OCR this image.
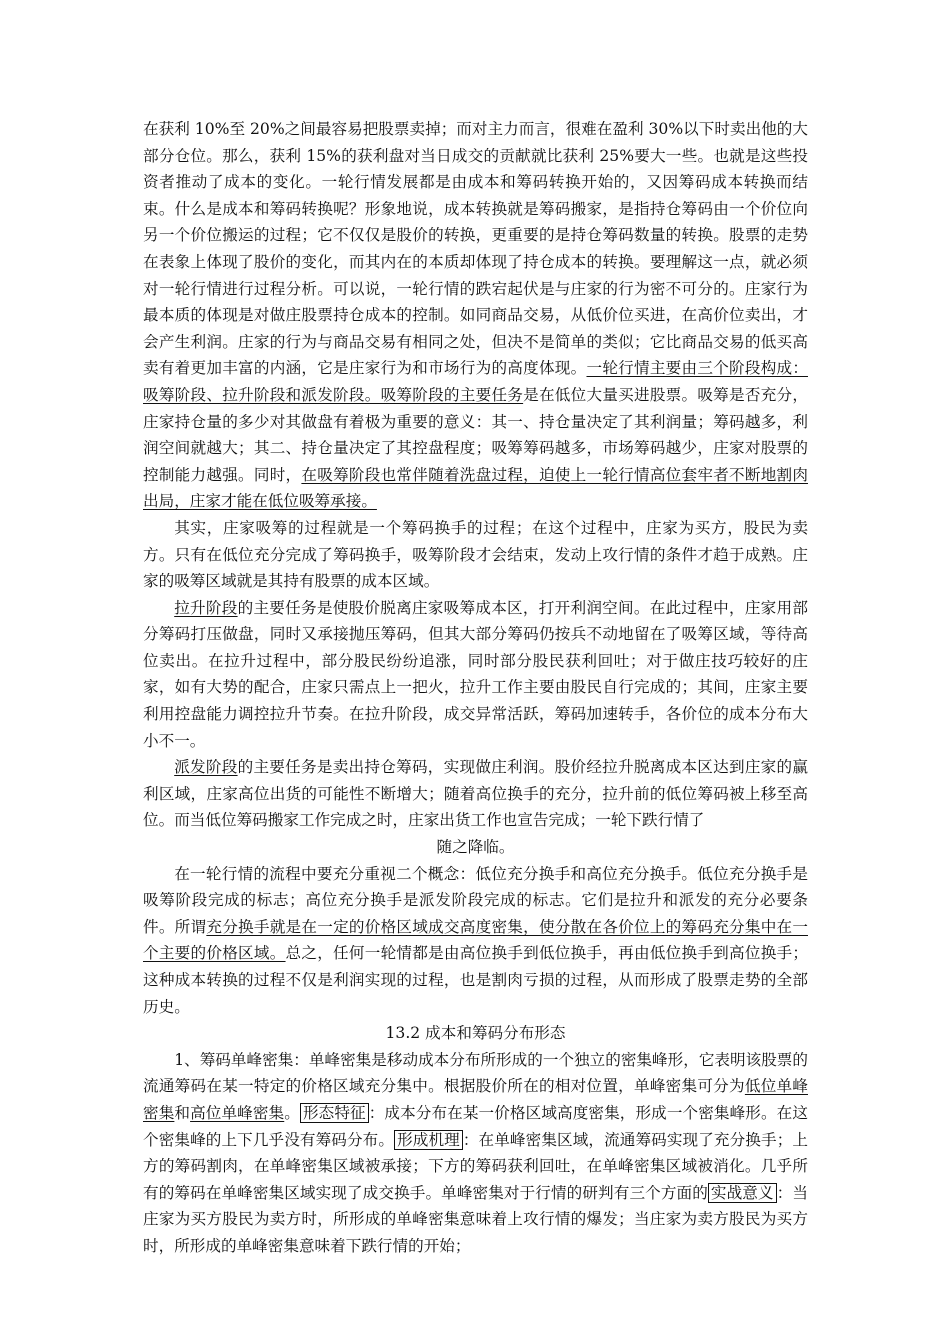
在获利 10%至 20%之间最容易把股票卖掉；而对主力而言，很难在盈利 30%以下时卖出他的大部分仓位。那么，获利 15%的获利盘对当日成交的贡献就比获利 25%要大一些。也就是这些投资者推动了成本的变化。一轮行情发展都是由成本和筹码转换开始的，又因筹码成本转换而结束。什么是成本和筹码转换呢？形象地说，成本转换就是筹码搬家，是指持仓筹码由一个价位向另一个价位搬运的过程；它不仅仅是股价的转换，更重要的是持仓筹码数量的转换。股票的走势在表象上体现了股价的变化，而其内在的本质却体现了持仓成本的转换。要理解这一点，就必须对一轮行情进行过程分析。可以说，一轮行情的跌宕起伏是与庄家的行为密不可分的。庄家行为最本质的体现是对做庄股票持仓成本的控制。如同商品交易，从低价位买进，在高价位卖出，才会产生利润。庄家的行为与商品交易有相同之处，但决不是简单的类似；它比商品交易的低买高卖有着更加丰富的内涵，它是庄家行为和市场行为的高度体现。一轮行情主要由三个阶段构成：吸筹阶段、拉升阶段和派发阶段。吸筹阶段的主要任务是在低位大量买进股票。吸筹是否充分，庄家持仓量的多少对其做盘有着极为重要的意义：其一、持仓量决定了其利润量；筹码越多，利润空间就越大；其二、持仓量决定了其控盘程度；吸筹筹码越多，市场筹码越少，庄家对股票的控制能力越强。同时，在吸筹阶段也常伴随着洗盘过程，迫使上一轮行情高位套牢者不断地割肉出局，庄家才能在低位吸筹承接。

其实，庄家吸筹的过程就是一个筹码换手的过程；在这个过程中，庄家为买方，股民为卖方。只有在低位充分完成了筹码换手，吸筹阶段才会结束，发动上攻行情的条件才趋于成熟。庄家的吸筹区域就是其持有股票的成本区域。

拉升阶段的主要任务是使股价脱离庄家吸筹成本区，打开利润空间。在此过程中，庄家用部分筹码打压做盘，同时又承接抛压筹码，但其大部分筹码仍按兵不动地留在了吸筹区域，等待高位卖出。在拉升过程中，部分股民纷纷追涨，同时部分股民获利回吐；对于做庄技巧较好的庄家，如有大势的配合，庄家只需点上一把火，拉升工作主要由股民自行完成的；其间，庄家主要利用控盘能力调控拉升节奏。在拉升阶段，成交异常活跃，筹码加速转手，各价位的成本分布大小不一。

派发阶段的主要任务是卖出持仓筹码，实现做庄利润。股价经拉升脱离成本区达到庄家的赢利区域，庄家高位出货的可能性不断增大；随着高位换手的充分，拉升前的低位筹码被上移至高位。而当低位筹码搬家工作完成之时，庄家出货工作也宣告完成；一轮下跌行情了

随之降临。

在一轮行情的流程中要充分重视二个概念：低位充分换手和高位充分换手。低位充分换手是吸筹阶段完成的标志；高位充分换手是派发阶段完成的标志。它们是拉升和派发的充分必要条件。所谓充分换手就是在一定的价格区域成交高度密集，使分散在各价位上的筹码充分集中在一个主要的价格区域。总之，任何一轮情都是由高位换手到低位换手，再由低位换手到高位换手；这种成本转换的过程不仅是利润实现的过程，也是割肉亏损的过程，从而形成了股票走势的全部历史。

13.2 成本和筹码分布形态

1、筹码单峰密集：单峰密集是移动成本分布所形成的一个独立的密集峰形，它表明该股票的流通筹码在某一特定的价格区域充分集中。根据股价所在的相对位置，单峰密集可分为低位单峰密集和高位单峰密集。 形态特征 ：成本分布在某一价格区域高度密集，形成一个密集峰形。在这个密集峰的上下几乎没有筹码分布。 形成机理 ：在单峰密集区域，流通筹码实现了充分换手；上方的筹码割肉，在单峰密集区域被承接；下方的筹码获利回吐，在单峰密集区域被消化。几乎所有的筹码在单峰密集区域实现了成交换手。单峰密集对于行情的研判有三个方面的 实战意义 ：当庄家为买方股民为卖方时，所形成的单峰密集意味着上攻行情的爆发；当庄家为卖方股民为买方时，所形成的单峰密集意味着下跌行情的开始；
